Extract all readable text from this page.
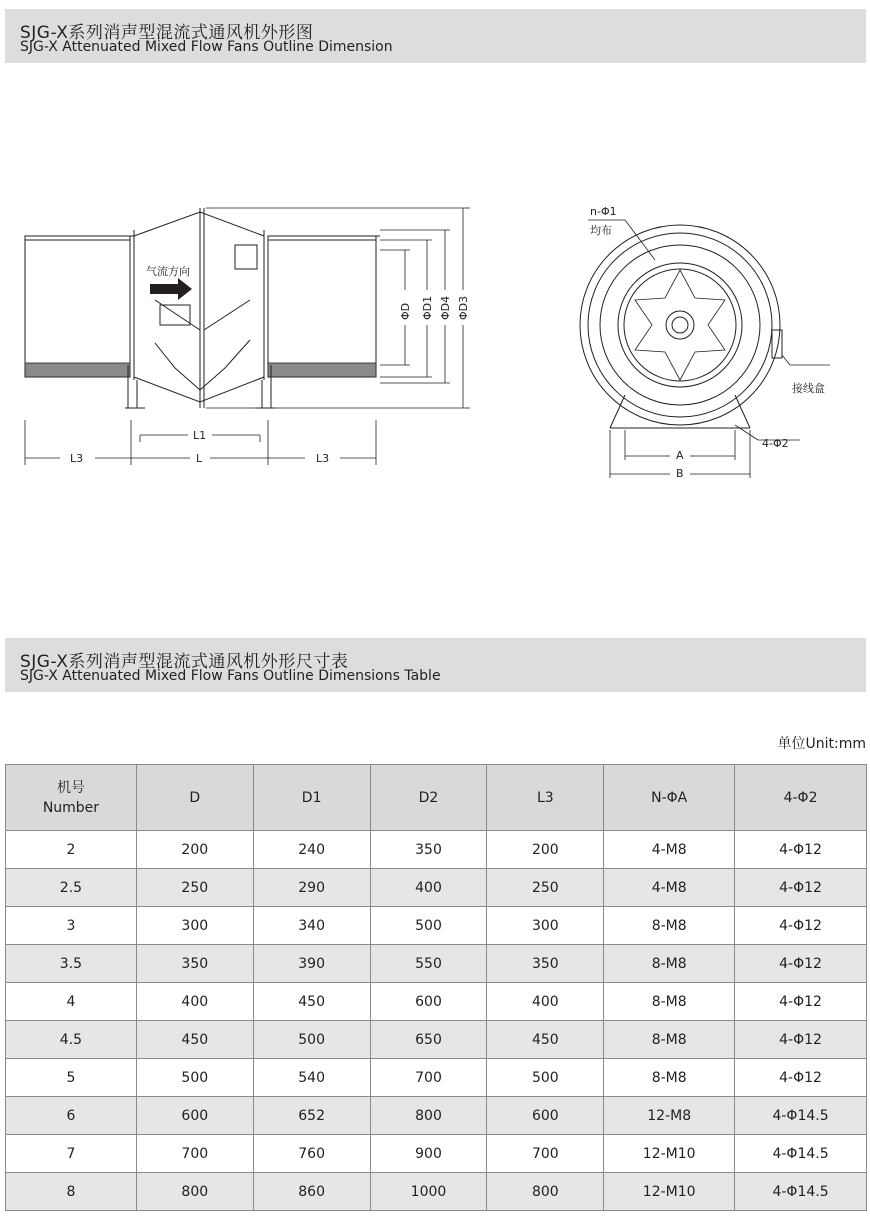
SJG-X系列消声型混流式通风机外形图
SJG-X Attenuated Mixed Flow Fans Outline Dimension
气流方向
L1
L
L3	L3
ΦD ΦD1 ΦD4 ΦD3
n-Φ1
均布
接线盒
4-Φ2
A
B
SJG-X系列消声型混流式通风机外形尺寸表
SJG-X Attenuated Mixed Flow Fans Outline Dimensions Table
单位Unit:mm
机号
Number	D	D1	D2	L3	N-ΦA	4-Φ2
2	200	240	350	200	4-M8	4-Φ12
2.5	250	290	400	250	4-M8	4-Φ12
3	300	340	500	300	8-M8	4-Φ12
3.5	350	390	550	350	8-M8	4-Φ12
4	400	450	600	400	8-M8	4-Φ12
4.5	450	500	650	450	8-M8	4-Φ12
5	500	540	700	500	8-M8	4-Φ12
6	600	652	800	600	12-M8	4-Φ14.5
7	700	760	900	700	12-M10	4-Φ14.5
8	800	860	1000	800	12-M10	4-Φ14.5
